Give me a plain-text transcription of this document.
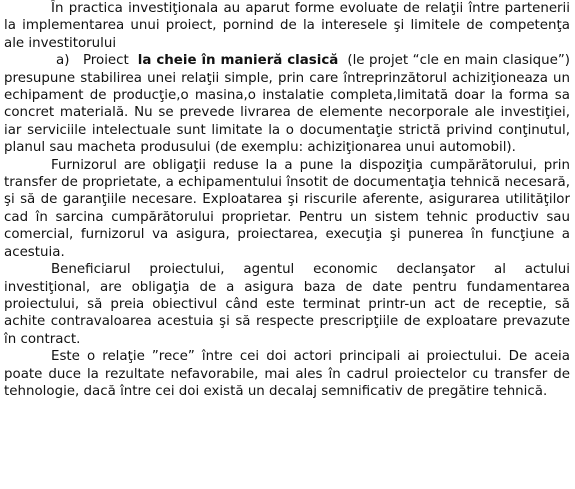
În practica investiţionala au aparut forme evoluate de relaţii între partenerii la implementarea unui proiect, pornind de la interesele şi limitele de competenţa ale investitorului

a) Proiect la cheie în manieră clasică (le projet “cle en main clasique”) presupune stabilirea unei relaţii simple, prin care întreprinzătorul achiziţioneaza un echipament de producţie,o masina,o instalatie completa,limitată doar la forma sa concret materială. Nu se prevede livrarea de elemente necorporale ale investiţiei, iar serviciile intelectuale sunt limitate la o documentaţie strictă privind conţinutul, planul sau macheta produsului (de exemplu: achiziţionarea unui automobil).

Furnizorul are obligaţii reduse la a pune la dispoziţia cumpărătorului, prin transfer de proprietate, a echipamentului însotit de documentaţia tehnică necesară, şi să de garanţiile necesare. Exploatarea şi riscurile aferente, asigurarea utilităţilor cad în sarcina cumpărătorului proprietar. Pentru un sistem tehnic productiv sau comercial, furnizorul va asigura, proiectarea, execuţia şi punerea în funcţiune a acestuia.

Beneficiarul proiectului, agentul economic declanşator al actului investiţional, are obligaţia de a asigura baza de date pentru fundamentarea proiectului, să preia obiectivul când este terminat printr-un act de receptie, să achite contravaloarea acestuia şi să respecte prescripţiile de exploatare prevazute în contract.

Este o relaţie ”rece” între cei doi actori principali ai proiectului. De aceia poate duce la rezultate nefavorabile, mai ales în cadrul proiectelor cu transfer de tehnologie, dacă între cei doi există un decalaj semnificativ de pregătire tehnică.
